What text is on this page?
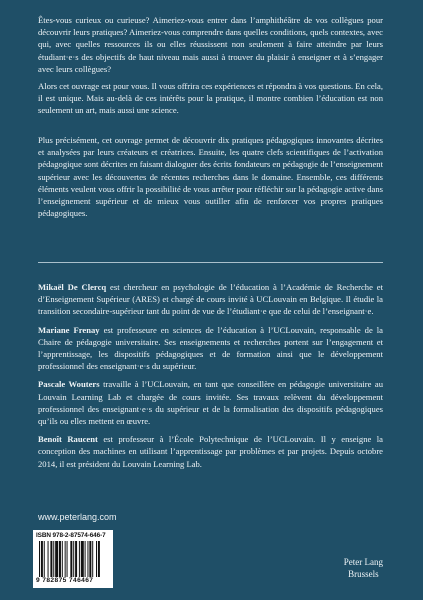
Êtes-vous curieux ou curieuse? Aimeriez-vous entrer dans l’amphithéâtre de vos collègues pour découvrir leurs pratiques? Aimeriez-vous comprendre dans quelles conditions, quels contextes, avec qui, avec quelles ressources ils ou elles réussissent non seulement à faire atteindre par leurs étudiant·e·s des objectifs de haut niveau mais aussi à trouver du plaisir à enseigner et à s’engager avec leurs collègues?

Alors cet ouvrage est pour vous. Il vous offrira ces expériences et répondra à vos questions. En cela, il est unique. Mais au-delà de ces intérêts pour la pratique, il montre combien l’éducation est non seulement un art, mais aussi une science.

Plus précisément, cet ouvrage permet de découvrir dix pratiques pédagogiques innovantes décrites et analysées par leurs créateurs et créatrices. Ensuite, les quatre clefs scientifiques de l’activation pédagogique sont décrites en faisant dialoguer des écrits fondateurs en pédagogie de l’enseignement supérieur avec les découvertes de récentes recherches dans le domaine. Ensemble, ces différents éléments veulent vous offrir la possibilité de vous arrêter pour réfléchir sur la pédagogie active dans l’enseignement supérieur et de mieux vous outiller afin de renforcer vos propres pratiques pédagogiques.

Mikaël De Clercq est chercheur en psychologie de l’éducation à l’Académie de Recherche et d’Enseignement Supérieur (ARES) et chargé de cours invité à UCLouvain en Belgique. Il étudie la transition secondaire-supérieur tant du point de vue de l’étudiant·e que de celui de l’enseignant·e.

Mariane Frenay est professeure en sciences de l’éducation à l’UCLouvain, responsable de la Chaire de pédagogie universitaire. Ses enseignements et recherches portent sur l’engagement et l’apprentissage, les dispositifs pédagogiques et de formation ainsi que le développement professionnel des enseignant·e·s du supérieur.

Pascale Wouters travaille à l’UCLouvain, en tant que conseillère en pédagogie universitaire au Louvain Learning Lab et chargée de cours invitée. Ses travaux relèvent du développement professionnel des enseignant·e·s du supérieur et de la formalisation des dispositifs pédagogiques qu’ils ou elles mettent en œuvre.

Benoît Raucent est professeur à l’École Polytechnique de l’UCLouvain. Il y enseigne la conception des machines en utilisant l’apprentissage par problèmes et par projets. Depuis octobre 2014, il est président du Louvain Learning Lab.

www.peterlang.com
ISBN 978-2-87574-646-7
9 782875 746467
Peter Lang
Brussels
